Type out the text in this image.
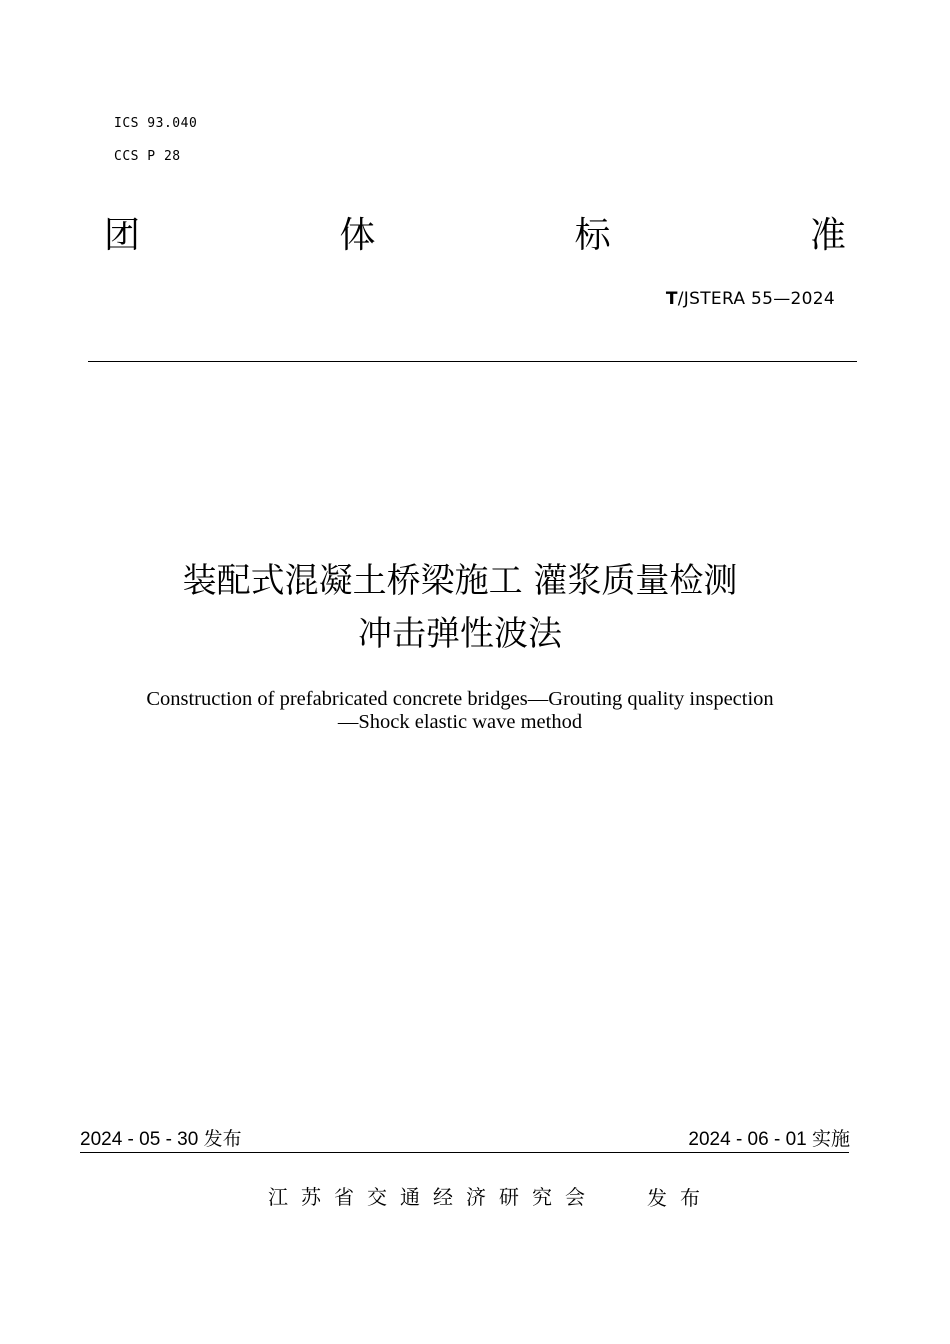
ICS 93.040
CCS P 28
团	体	标	准
T/JSTERA 55—2024
装配式混凝土桥梁施工 灌浆质量检测
冲击弹性波法
Construction of prefabricated concrete bridges—Grouting quality inspection
—Shock elastic wave method
2024 - 05 - 30 发布	2024 - 06 - 01 实施
江苏省交通经济研究会 发布
